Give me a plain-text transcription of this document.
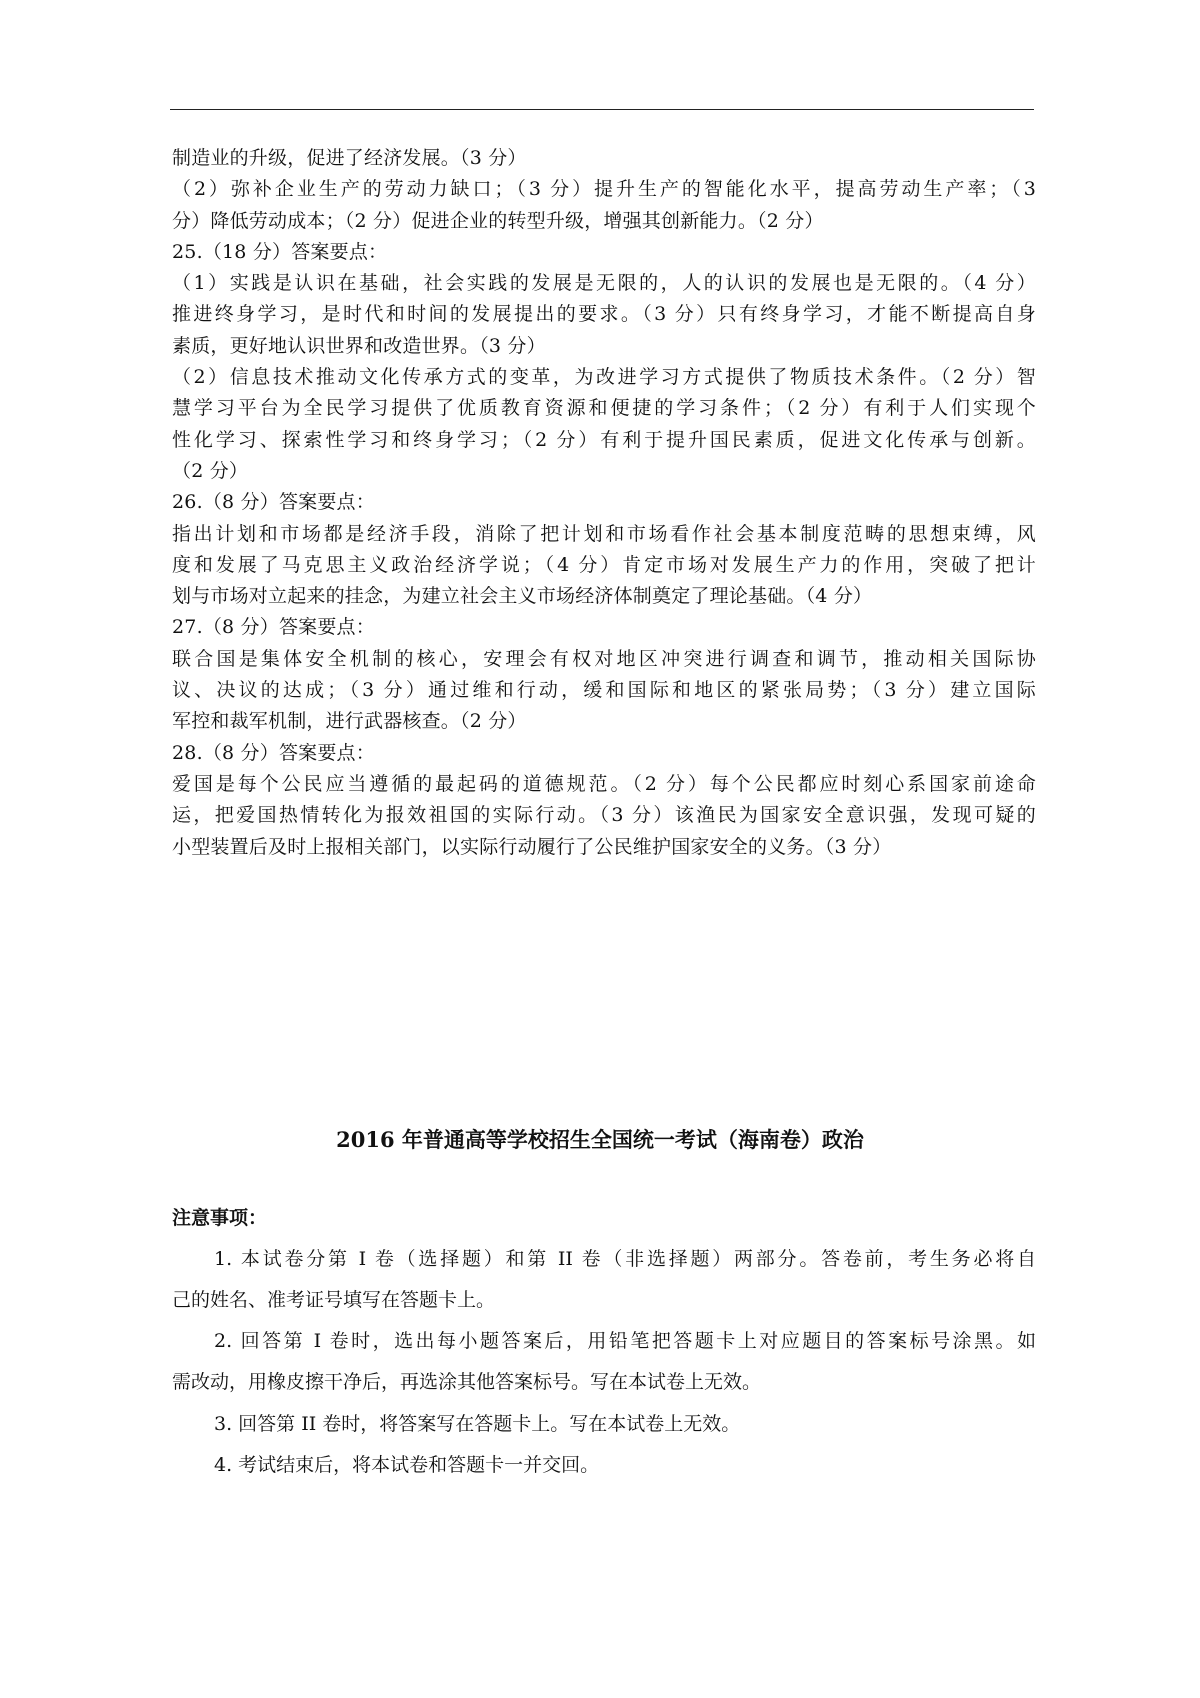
制造业的升级，促进了经济发展。（3 分）
（2）弥补企业生产的劳动力缺口；（3 分）提升生产的智能化水平，提高劳动生产率；（3
分）降低劳动成本；（2 分）促进企业的转型升级，增强其创新能力。（2 分）
25.（18 分）答案要点：
（1）实践是认识在基础，社会实践的发展是无限的，人的认识的发展也是无限的。（4 分）
推进终身学习，是时代和时间的发展提出的要求。（3 分）只有终身学习，才能不断提高自身
素质，更好地认识世界和改造世界。（3 分）
（2）信息技术推动文化传承方式的变革，为改进学习方式提供了物质技术条件。（2 分）智
慧学习平台为全民学习提供了优质教育资源和便捷的学习条件；（2 分）有利于人们实现个
性化学习、探索性学习和终身学习；（2 分）有利于提升国民素质，促进文化传承与创新。
（2 分）
26.（8 分）答案要点：
指出计划和市场都是经济手段，消除了把计划和市场看作社会基本制度范畴的思想束缚，风
度和发展了马克思主义政治经济学说；（4 分）肯定市场对发展生产力的作用，突破了把计
划与市场对立起来的挂念，为建立社会主义市场经济体制奠定了理论基础。（4 分）
27.（8 分）答案要点：
联合国是集体安全机制的核心，安理会有权对地区冲突进行调查和调节，推动相关国际协
议、决议的达成；（3 分）通过维和行动，缓和国际和地区的紧张局势；（3 分）建立国际
军控和裁军机制，进行武器核查。（2 分）
28.（8 分）答案要点：
爱国是每个公民应当遵循的最起码的道德规范。（2 分）每个公民都应时刻心系国家前途命
运，把爱国热情转化为报效祖国的实际行动。（3 分）该渔民为国家安全意识强，发现可疑的
小型装置后及时上报相关部门，以实际行动履行了公民维护国家安全的义务。（3 分）
2016 年普通高等学校招生全国统一考试（海南卷）政治
注意事项：
1. 本试卷分第 I 卷（选择题）和第 II 卷（非选择题）两部分。答卷前，考生务必将自
己的姓名、准考证号填写在答题卡上。
2. 回答第 I 卷时，选出每小题答案后，用铅笔把答题卡上对应题目的答案标号涂黑。如
需改动，用橡皮擦干净后，再选涂其他答案标号。写在本试卷上无效。
3. 回答第 II 卷时，将答案写在答题卡上。写在本试卷上无效。
4. 考试结束后，将本试卷和答题卡一并交回。
